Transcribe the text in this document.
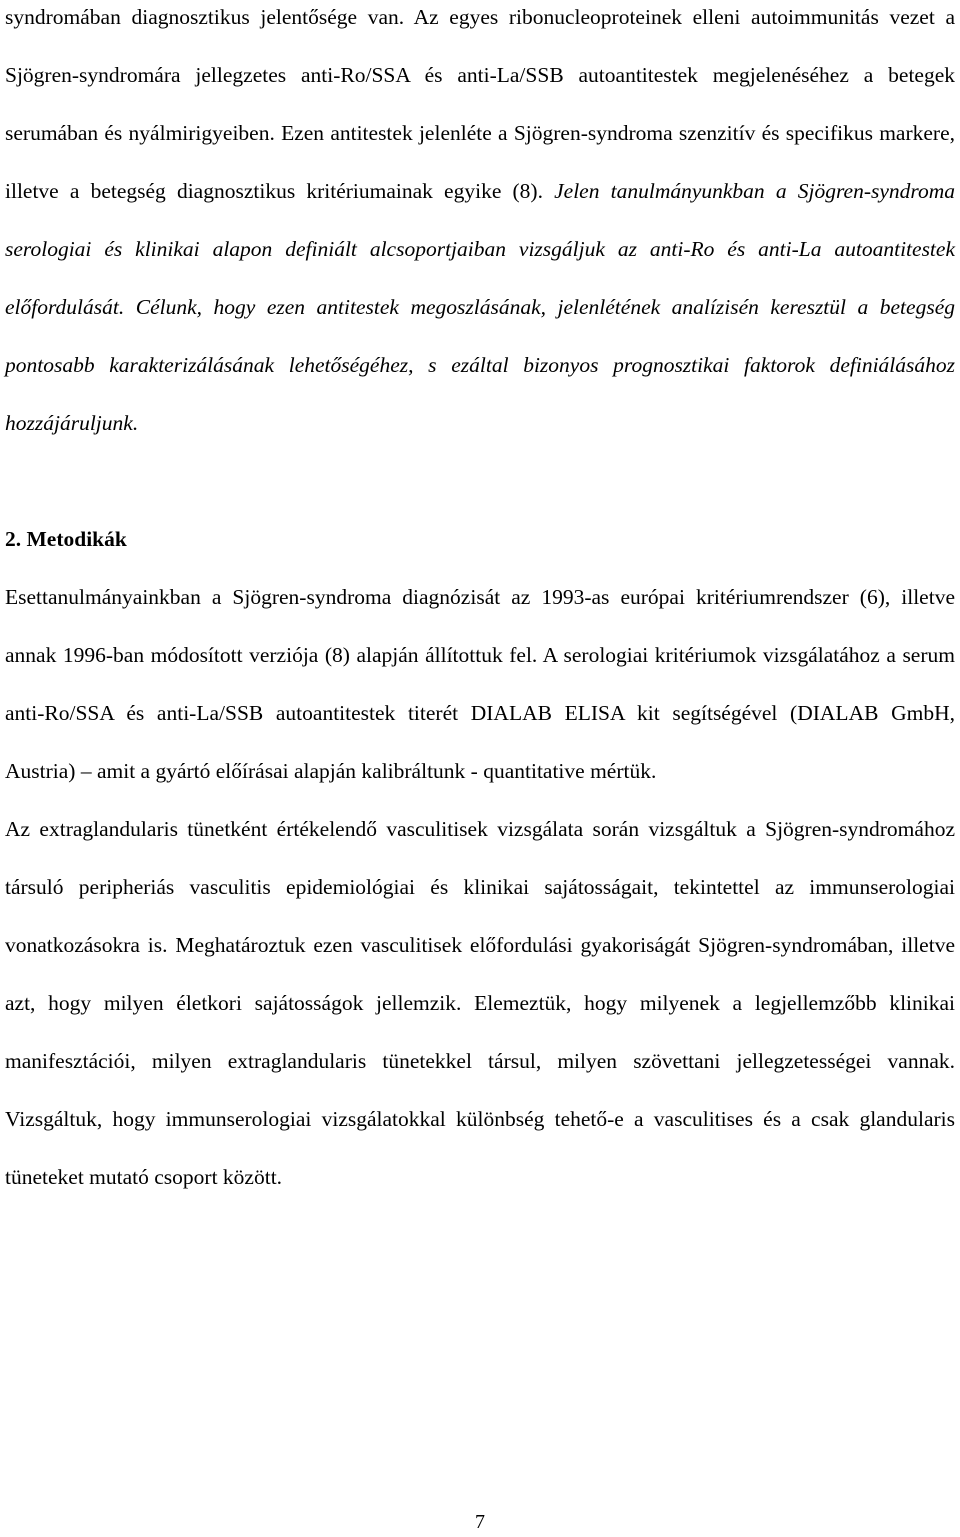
syndromában diagnosztikus jelentősége van. Az egyes ribonucleoproteinek elleni autoimmunitás vezet a Sjögren-syndromára jellegzetes anti-Ro/SSA és anti-La/SSB autoantitestek megjelenéséhez a betegek serumában és nyálmirigyeiben. Ezen antitestek jelenléte a Sjögren-syndroma szenzitív és specifikus markere, illetve a betegség diagnosztikus kritériumainak egyike (8). Jelen tanulmányunkban a Sjögren-syndroma serologiai és klinikai alapon definiált alcsoportjaiban vizsgáljuk az anti-Ro és anti-La autoantitestek előfordulását. Célunk, hogy ezen antitestek megoszlásának, jelenlétének analízisén keresztül a betegség pontosabb karakterizálásának lehetőségéhez, s ezáltal bizonyos prognosztikai faktorok definiálásához hozzájáruljunk.

2. Metodikák

Esettanulmányainkban a Sjögren-syndroma diagnózisát az 1993-as európai kritériumrendszer (6), illetve annak 1996-ban módosított verziója (8) alapján állítottuk fel. A serologiai kritériumok vizsgálatához a serum anti-Ro/SSA és anti-La/SSB autoantitestek titerét DIALAB ELISA kit segítségével (DIALAB GmbH, Austria) – amit a gyártó előírásai alapján kalibráltunk - quantitative mértük.

Az extraglandularis tünetként értékelendő vasculitisek vizsgálata során vizsgáltuk a Sjögren-syndromához társuló peripheriás vasculitis epidemiológiai és klinikai sajátosságait, tekintettel az immunserologiai vonatkozásokra is. Meghatároztuk ezen vasculitisek előfordulási gyakoriságát Sjögren-syndromában, illetve azt, hogy milyen életkori sajátosságok jellemzik. Elemeztük, hogy milyenek a legjellemzőbb klinikai manifesztációi, milyen extraglandularis tünetekkel társul, milyen szövettani jellegzetességei vannak. Vizsgáltuk, hogy immunserologiai vizsgálatokkal különbség tehető-e a vasculitises és a csak glandularis tüneteket mutató csoport között.

7
